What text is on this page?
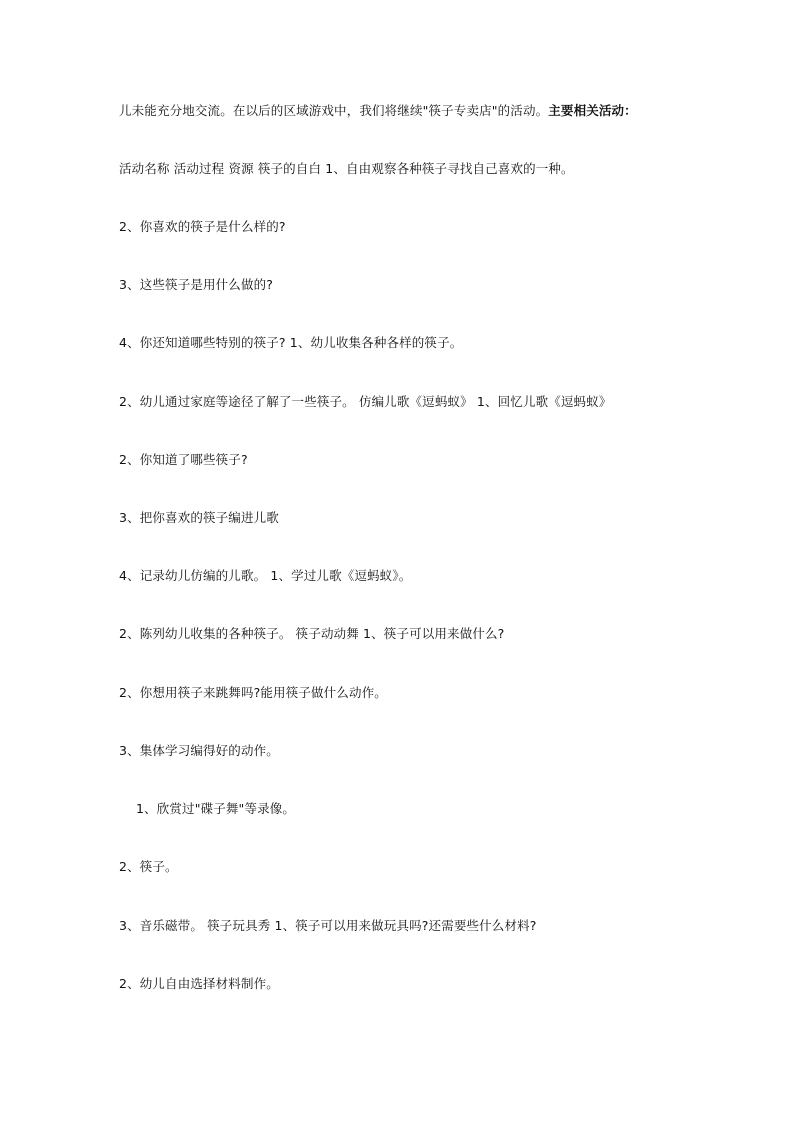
儿未能充分地交流。在以后的区域游戏中，我们将继续"筷子专卖店"的活动。主要相关活动：
活动名称 活动过程 资源 筷子的自白 1、自由观察各种筷子寻找自己喜欢的一种。
2、你喜欢的筷子是什么样的?
3、这些筷子是用什么做的?
4、你还知道哪些特别的筷子? 1、幼儿收集各种各样的筷子。
2、幼儿通过家庭等途径了解了一些筷子。 仿编儿歌《逗蚂蚁》 1、回忆儿歌《逗蚂蚁》
2、你知道了哪些筷子?
3、把你喜欢的筷子编进儿歌
4、记录幼儿仿编的儿歌。 1、学过儿歌《逗蚂蚁》。
2、陈列幼儿收集的各种筷子。 筷子动动舞 1、筷子可以用来做什么?
2、你想用筷子来跳舞吗?能用筷子做什么动作。
3、集体学习编得好的动作。
1、欣赏过"碟子舞"等录像。
2、筷子。
3、音乐磁带。 筷子玩具秀 1、筷子可以用来做玩具吗?还需要些什么材料?
2、幼儿自由选择材料制作。
